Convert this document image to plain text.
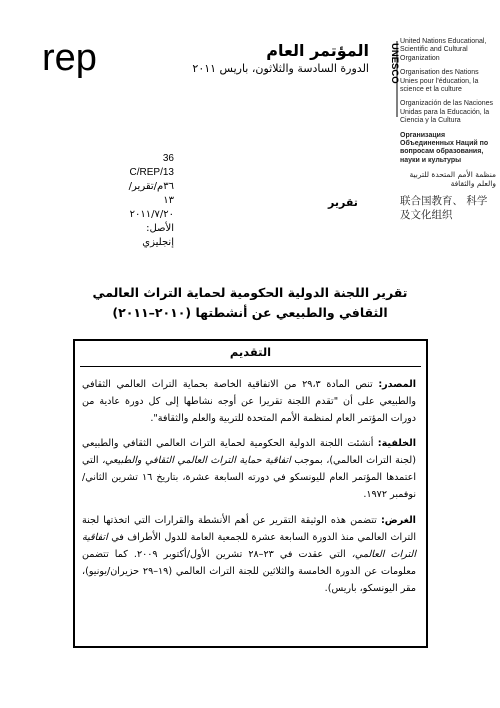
rep	UNESCO
United Nations Educational, Scientific and Cultural Organization
Organisation des Nations Unies pour l'éducation, la science et la culture
Organización de las Naciones Unidas para la Educación, la Ciencia y la Cultura
Организация Объединенных Наций по вопросам образования, науки и культуры
منظمة الأمم المتحدة للتربية والعلم والثقافة
联合国教育、 科学及文化组织
المؤتمر العام
الدورة السادسة والثلاثون، باريس ٢٠١١
36 C/REP/13
٣٦م/تقرير/١٣
٢٠١١/٧/٢٠
الأصل: إنجليزي
تقرير
تقرير اللجنة الدولية الحكومية لحماية التراث العالمي
الثقافي والطبيعي عن أنشطتها (٢٠١٠–٢٠١١)
التقديم
المصدر: تنص المادة ٢٩،٣ من الاتفاقية الخاصة بحماية التراث العالمي الثقافي والطبيعي على أن "تقدم اللجنة تقريرا عن أوجه نشاطها إلى كل دورة عادية من دورات المؤتمر العام لمنظمة الأمم المتحدة للتربية والعلم والثقافة".
الخلفية: أنشئت اللجنة الدولية الحكومية لحماية التراث العالمي الثقافي والطبيعي (لجنة التراث العالمي)، بموجب اتفاقية حماية التراث العالمي الثقافي والطبيعي، التي اعتمدها المؤتمر العام لليونسكو في دورته السابعة عشرة، بتاريخ ١٦ تشرين الثاني/نوفمبر ١٩٧٢.
الغرض: تتضمن هذه الوثيقة التقرير عن أهم الأنشطة والقرارات التي اتخذتها لجنة التراث العالمي منذ الدورة السابعة عشرة للجمعية العامة للدول الأطراف في اتفاقية التراث العالمي، التي عقدت في ٢٣–٢٨ تشرين الأول/أكتوبر ٢٠٠٩. كما تتضمن معلومات عن الدورة الخامسة والثلاثين للجنة التراث العالمي (١٩–٢٩ حزيران/يونيو)، مقر اليونسكو، باريس).
